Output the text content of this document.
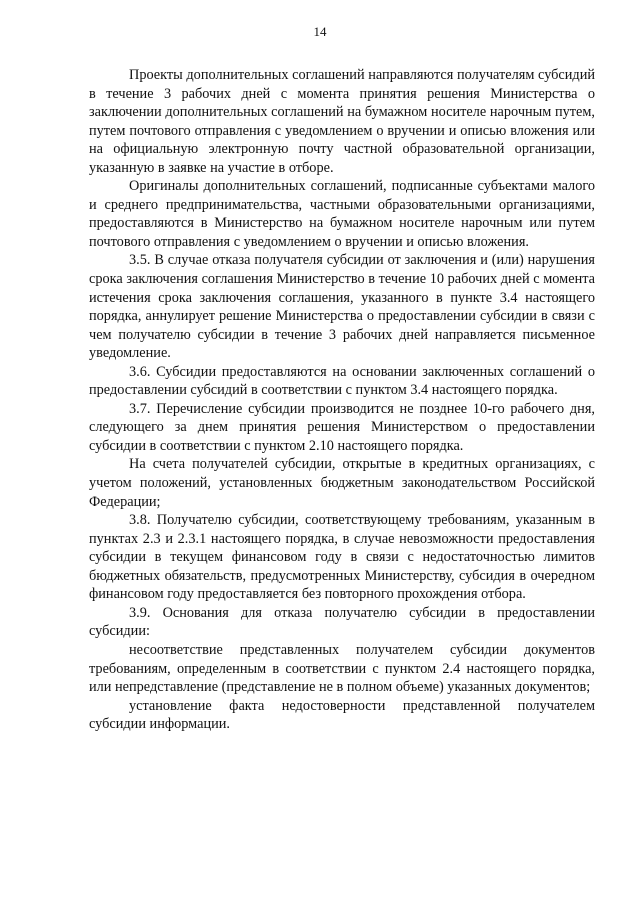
14

Проекты дополнительных соглашений направляются получателям субсидий в течение 3 рабочих дней с момента принятия решения Министерства о заключении дополнительных соглашений на бумажном носителе нарочным путем, путем почтового отправления с уведомлением о вручении и описью вложения или на официальную электронную почту частной образовательной организации, указанную в заявке на участие в отборе.

Оригиналы дополнительных соглашений, подписанные субъектами малого и среднего предпринимательства, частными образовательными организациями, предоставляются в Министерство на бумажном носителе нарочным или путем почтового отправления с уведомлением о вручении и описью вложения.

3.5. В случае отказа получателя субсидии от заключения и (или) нарушения срока заключения соглашения Министерство в течение 10 рабочих дней с момента истечения срока заключения соглашения, указанного в пункте 3.4 настоящего порядка, аннулирует решение Министерства о предоставлении субсидии в связи с чем получателю субсидии в течение 3 рабочих дней направляется письменное уведомление.

3.6. Субсидии предоставляются на основании заключенных соглашений о предоставлении субсидий в соответствии с пунктом 3.4 настоящего порядка.

3.7. Перечисление субсидии производится не позднее 10-го рабочего дня, следующего за днем принятия решения Министерством о предоставлении субсидии в соответствии с пунктом 2.10 настоящего порядка.

На счета получателей субсидии, открытые в кредитных организациях, с учетом положений, установленных бюджетным законодательством Российской Федерации;

3.8. Получателю субсидии, соответствующему требованиям, указанным в пунктах 2.3 и 2.3.1 настоящего порядка, в случае невозможности предоставления субсидии в текущем финансовом году в связи с недостаточностью лимитов бюджетных обязательств, предусмотренных Министерству, субсидия в очередном финансовом году предоставляется без повторного прохождения отбора.

3.9. Основания для отказа получателю субсидии в предоставлении субсидии:

несоответствие представленных получателем субсидии документов требованиям, определенным в соответствии с пунктом 2.4 настоящего порядка, или непредставление (представление не в полном объеме) указанных документов;

установление факта недостоверности представленной получателем субсидии информации.
